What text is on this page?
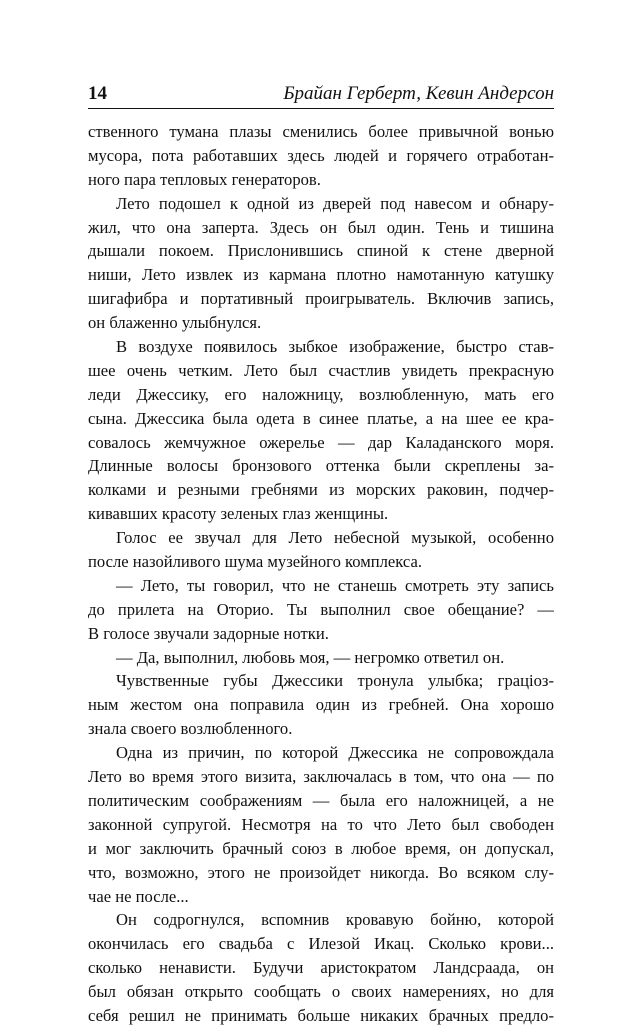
14	Брайан Герберт, Кевин Андерсон
ственного тумана плазы сменились более привычной вонью
мусора, пота работавших здесь людей и горячего отработан-
ного пара тепловых генераторов.
Лето подошел к одной из дверей под навесом и обнару-
жил, что она заперта. Здесь он был один. Тень и тишина
дышали покоем. Прислонившись спиной к стене дверной
ниши, Лето извлек из кармана плотно намотанную катушку
шигафибра и портативный проигрыватель. Включив запись,
он блаженно улыбнулся.
В воздухе появилось зыбкое изображение, быстро став-
шее очень четким. Лето был счастлив увидеть прекрасную
леди Джессику, его наложницу, возлюбленную, мать его
сына. Джессика была одета в синее платье, а на шее ее кра-
совалось жемчужное ожерелье — дар Каладанского моря.
Длинные волосы бронзового оттенка были скреплены за-
колками и резными гребнями из морских раковин, подчер-
кивавших красоту зеленых глаз женщины.
Голос ее звучал для Лето небесной музыкой, особенно
после назойливого шума музейного комплекса.
— Лето, ты говорил, что не станешь смотреть эту запись
до прилета на Оторио. Ты выполнил свое обещание? —
В голосе звучали задорные нотки.
— Да, выполнил, любовь моя, — негромко ответил он.
Чувственные губы Джессики тронула улыбка; грацioз-
ным жестом она поправила один из гребней. Она хорошо
знала своего возлюбленного.
Одна из причин, по которой Джессика не сопровождала
Лето во время этого визита, заключалась в том, что она — по
политическим соображениям — была его наложницей, а не
законной супругой. Несмотря на то что Лето был свободен
и мог заключить брачный союз в любое время, он допускал,
что, возможно, этого не произойдет никогда. Во всяком слу-
чае не после...
Он содрогнулся, вспомнив кровавую бойню, которой
окончилась его свадьба с Илезой Икац. Сколько крови...
сколько ненависти. Будучи аристократом Ландсраада, он
был обязан открыто сообщать о своих намерениях, но для
себя решил не принимать больше никаких брачных предло-
